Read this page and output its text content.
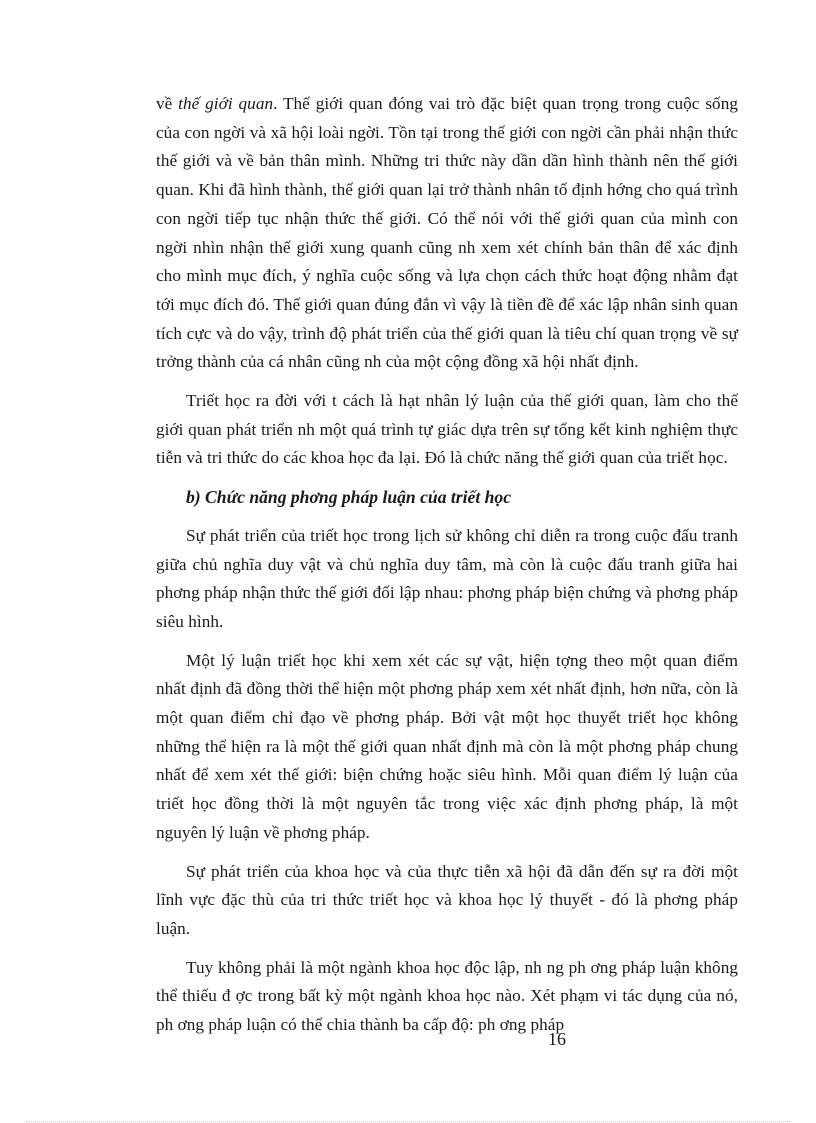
về thế giới quan. Thế giới quan đóng vai trò đặc biệt quan trọng trong cuộc sống của con ngời và xã hội loài ngời. Tồn tại trong thế giới con ngời cần phải nhận thức thế giới và về bản thân mình. Những tri thức này dần dần hình thành nên thế giới quan. Khi đã hình thành, thế giới quan lại trở thành nhân tố định hớng cho quá trình con ngời tiếp tục nhận thức thế giới. Có thể nói với thế giới quan của mình con ngời nhìn nhận thế giới xung quanh cũng nh xem xét chính bản thân để xác định cho mình mục đích, ý nghĩa cuộc sống và lựa chọn cách thức hoạt động nhằm đạt tới mục đích đó. Thế giới quan đúng đắn vì vậy là tiền đề để xác lập nhân sinh quan tích cực và do vậy, trình độ phát triển của thế giới quan là tiêu chí quan trọng về sự trởng thành của cá nhân cũng nh của một cộng đồng xã hội nhất định.

Triết học ra đời với t cách là hạt nhân lý luận của thế giới quan, làm cho thế giới quan phát triển nh một quá trình tự giác dựa trên sự tổng kết kinh nghiệm thực tiễn và tri thức do các khoa học đa lại. Đó là chức năng thế giới quan của triết học.

b) Chức năng phơng pháp luận của triết học

Sự phát triển của triết học trong lịch sử không chỉ diễn ra trong cuộc đấu tranh giữa chủ nghĩa duy vật và chủ nghĩa duy tâm, mà còn là cuộc đấu tranh giữa hai phơng pháp nhận thức thế giới đối lập nhau: phơng pháp biện chứng và phơng pháp siêu hình.

Một lý luận triết học khi xem xét các sự vật, hiện tợng theo một quan điểm nhất định đã đồng thời thể hiện một phơng pháp xem xét nhất định, hơn nữa, còn là một quan điểm chỉ đạo về phơng pháp. Bởi vật một học thuyết triết học không những thể hiện ra là một thế giới quan nhất định mà còn là một phơng pháp chung nhất để xem xét thế giới: biện chứng hoặc siêu hình. Mỗi quan điểm lý luận của triết học đồng thời là một nguyên tắc trong việc xác định phơng pháp, là một nguyên lý luận về phơng pháp.

Sự phát triển của khoa học và của thực tiễn xã hội đã dẫn đến sự ra đời một lĩnh vực đặc thù của tri thức triết học và khoa học lý thuyết - đó là phơng pháp luận.

Tuy không phải là một ngành khoa học độc lập, nh ng ph ơng pháp luận không thể thiếu đ ợc trong bất kỳ một ngành khoa học nào. Xét phạm vi tác dụng của nó, ph ơng pháp luận có thể chia thành ba cấp độ: ph ơng pháp

16
